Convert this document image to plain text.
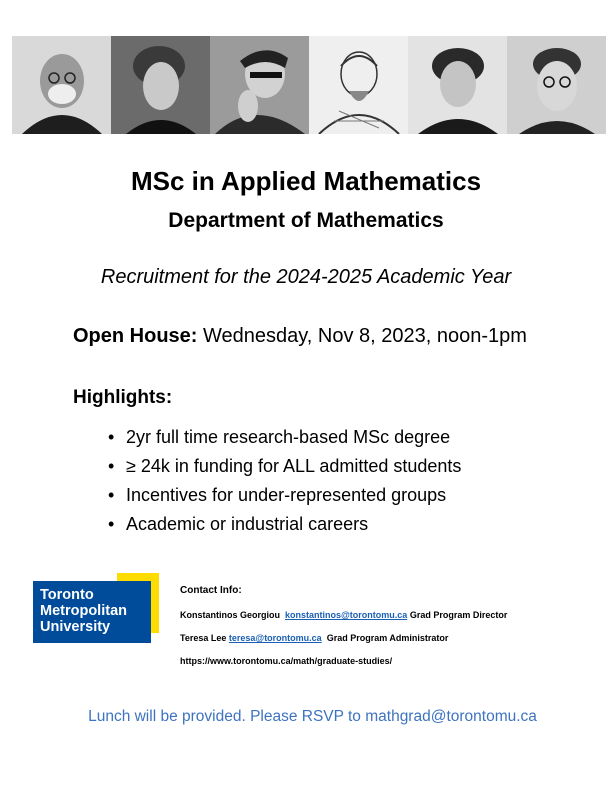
MSc in Applied Mathematics
Department of Mathematics
Recruitment for the 2024-2025 Academic Year
Open House: Wednesday, Nov 8, 2023, noon-1pm
Highlights:
• 2yr full time research-based MSc degree
• ≥ 24k in funding for ALL admitted students
• Incentives for under-represented groups
• Academic or industrial careers
Toronto
Metropolitan
University
Contact Info:
Konstantinos Georgiou konstantinos@torontomu.ca Grad Program Director
Teresa Lee teresa@torontomu.ca Grad Program Administrator
https://www.torontomu.ca/math/graduate-studies/
Lunch will be provided. Please RSVP to mathgrad@torontomu.ca
